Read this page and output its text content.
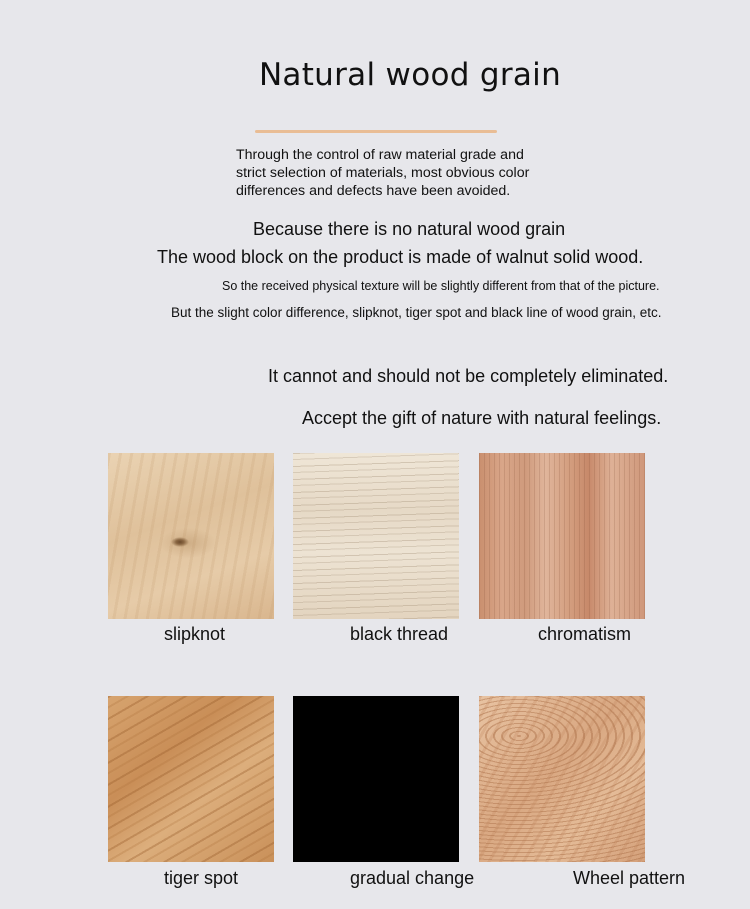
Natural wood grain
Through the control of raw material grade and strict selection of materials, most obvious color differences and defects have been avoided.
Because there is no natural wood grain
The wood block on the product is made of walnut solid wood.
So the received physical texture will be slightly different from that of the picture.
But the slight color difference, slipknot, tiger spot and black line of wood grain, etc.
It cannot and should not be completely eliminated.
Accept the gift of nature with natural feelings.
slipknot	black thread	chromatism
tiger spot	gradual change	Wheel pattern
